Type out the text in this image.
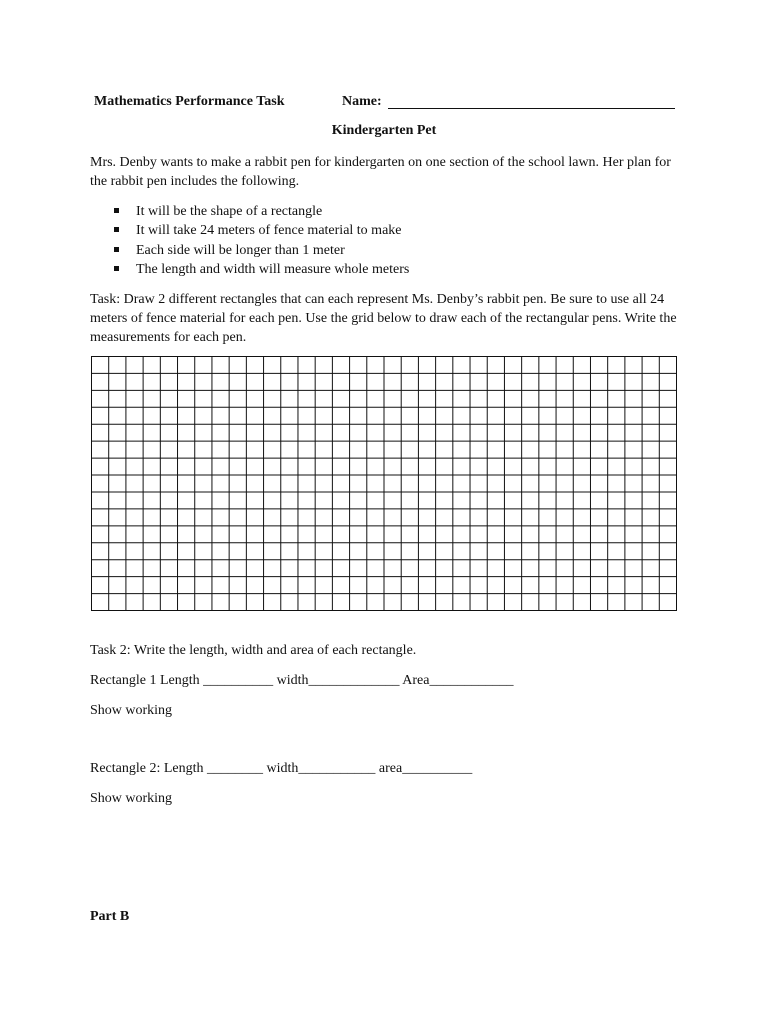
Mathematics Performance Task	Name:
Kindergarten Pet
Mrs. Denby wants to make a rabbit pen for kindergarten on one section of the school lawn. Her plan for the rabbit pen includes the following.
It will be the shape of a rectangle
It will take 24 meters of fence material to make
Each side will be longer than 1 meter
The length and width will measure whole meters
Task: Draw 2 different rectangles that can each represent Ms. Denby’s rabbit pen. Be sure to use all 24 meters of fence material for each pen. Use the grid below to draw each of the rectangular pens. Write the measurements for each pen.
Task 2: Write the length, width and area of each rectangle.
Rectangle 1 Length __________ width_____________ Area____________
Show working
Rectangle 2: Length ________ width___________ area__________
Show working
Part B
